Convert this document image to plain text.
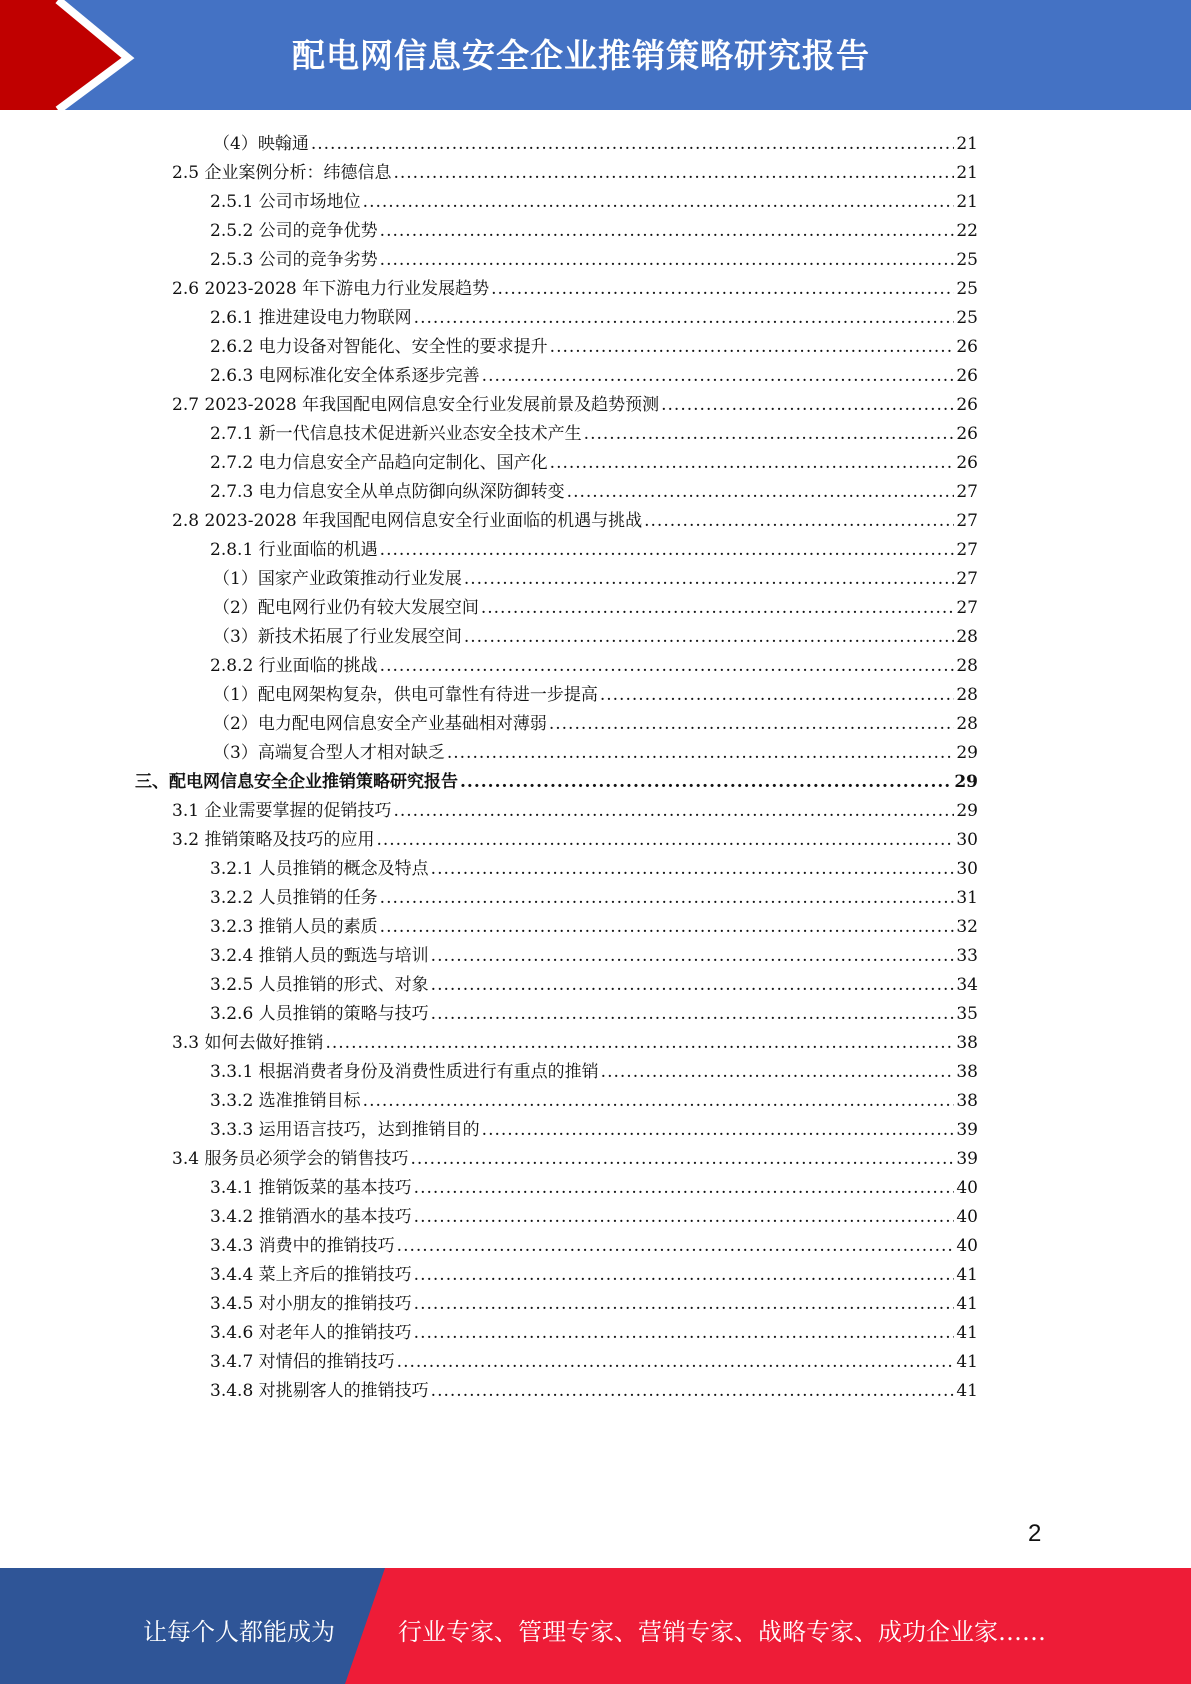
配电网信息安全企业推销策略研究报告
（4）映翰通 .....	21
2.5 企业案例分析：纬德信息 .....	21
2.5.1 公司市场地位 .....	21
2.5.2 公司的竞争优势 .....	22
2.5.3 公司的竞争劣势 .....	25
2.6 2023-2028 年下游电力行业发展趋势 .....	25
2.6.1 推进建设电力物联网 .....	25
2.6.2 电力设备对智能化、安全性的要求提升 .....	26
2.6.3 电网标准化安全体系逐步完善 .....	26
2.7 2023-2028 年我国配电网信息安全行业发展前景及趋势预测 .....	26
2.7.1 新一代信息技术促进新兴业态安全技术产生 .....	26
2.7.2 电力信息安全产品趋向定制化、国产化 .....	26
2.7.3 电力信息安全从单点防御向纵深防御转变 .....	27
2.8 2023-2028 年我国配电网信息安全行业面临的机遇与挑战 .....	27
2.8.1 行业面临的机遇 .....	27
（1）国家产业政策推动行业发展 .....	27
（2）配电网行业仍有较大发展空间 .....	27
（3）新技术拓展了行业发展空间 .....	28
2.8.2 行业面临的挑战 .....	28
（1）配电网架构复杂，供电可靠性有待进一步提高 .....	28
（2）电力配电网信息安全产业基础相对薄弱 .....	28
（3）高端复合型人才相对缺乏 .....	29
三、配电网信息安全企业推销策略研究报告 .....	29
3.1 企业需要掌握的促销技巧 .....	29
3.2 推销策略及技巧的应用 .....	30
3.2.1 人员推销的概念及特点 .....	30
3.2.2 人员推销的任务 .....	31
3.2.3 推销人员的素质 .....	32
3.2.4 推销人员的甄选与培训 .....	33
3.2.5 人员推销的形式、对象 .....	34
3.2.6 人员推销的策略与技巧 .....	35
3.3 如何去做好推销 .....	38
3.3.1 根据消费者身份及消费性质进行有重点的推销 .....	38
3.3.2 选准推销目标 .....	38
3.3.3 运用语言技巧，达到推销目的 .....	39
3.4 服务员必须学会的销售技巧 .....	39
3.4.1 推销饭菜的基本技巧 .....	40
3.4.2 推销酒水的基本技巧 .....	40
3.4.3 消费中的推销技巧 .....	40
3.4.4 菜上齐后的推销技巧 .....	41
3.4.5 对小朋友的推销技巧 .....	41
3.4.6 对老年人的推销技巧 .....	41
3.4.7 对情侣的推销技巧 .....	41
3.4.8 对挑剔客人的推销技巧 .....	41
2
让每个人都能成为	行业专家、管理专家、营销专家、战略专家、成功企业家……
